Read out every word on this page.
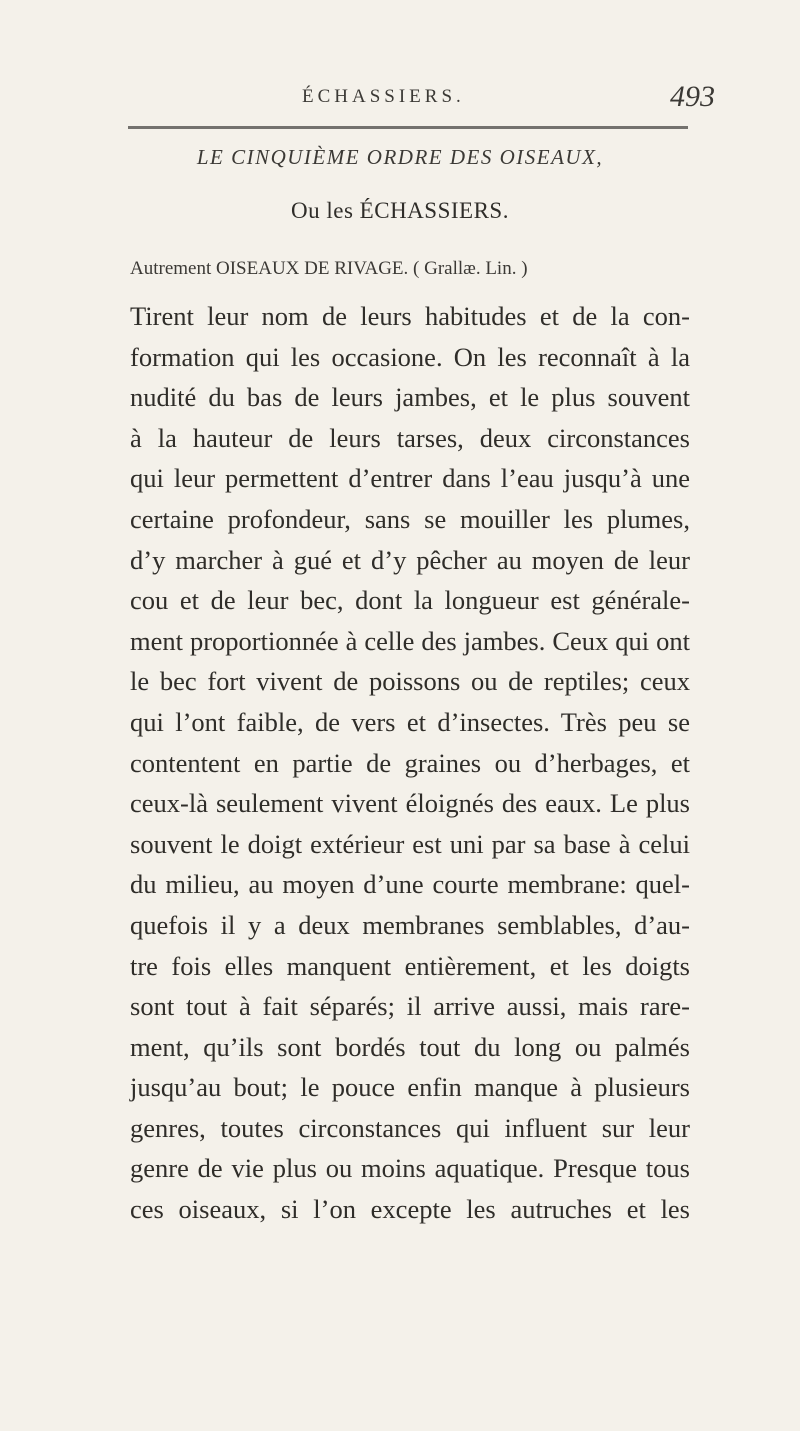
ÉCHASSIERS.	493
LE CINQUIÈME ORDRE DES OISEAUX,
Ou les ÉCHASSIERS.
Autrement OISEAUX DE RIVAGE. ( Grallæ. Lin. )

Tirent leur nom de leurs habitudes et de la con-
formation qui les occasione. On les reconnaît à la
nudité du bas de leurs jambes, et le plus souvent
à la hauteur de leurs tarses, deux circonstances
qui leur permettent d’entrer dans l’eau jusqu’à une
certaine profondeur, sans se mouiller les plumes,
d’y marcher à gué et d’y pêcher au moyen de leur
cou et de leur bec, dont la longueur est générale-
ment proportionnée à celle des jambes. Ceux qui ont
le bec fort vivent de poissons ou de reptiles; ceux
qui l’ont faible, de vers et d’insectes. Très peu se
contentent en partie de graines ou d’herbages, et
ceux-là seulement vivent éloignés des eaux. Le plus
souvent le doigt extérieur est uni par sa base à celui
du milieu, au moyen d’une courte membrane: quel-
quefois il y a deux membranes semblables, d’au-
tre fois elles manquent entièrement, et les doigts
sont tout à fait séparés; il arrive aussi, mais rare-
ment, qu’ils sont bordés tout du long ou palmés
jusqu’au bout; le pouce enfin manque à plusieurs
genres, toutes circonstances qui influent sur leur
genre de vie plus ou moins aquatique. Presque tous
ces oiseaux, si l’on excepte les autruches et les
